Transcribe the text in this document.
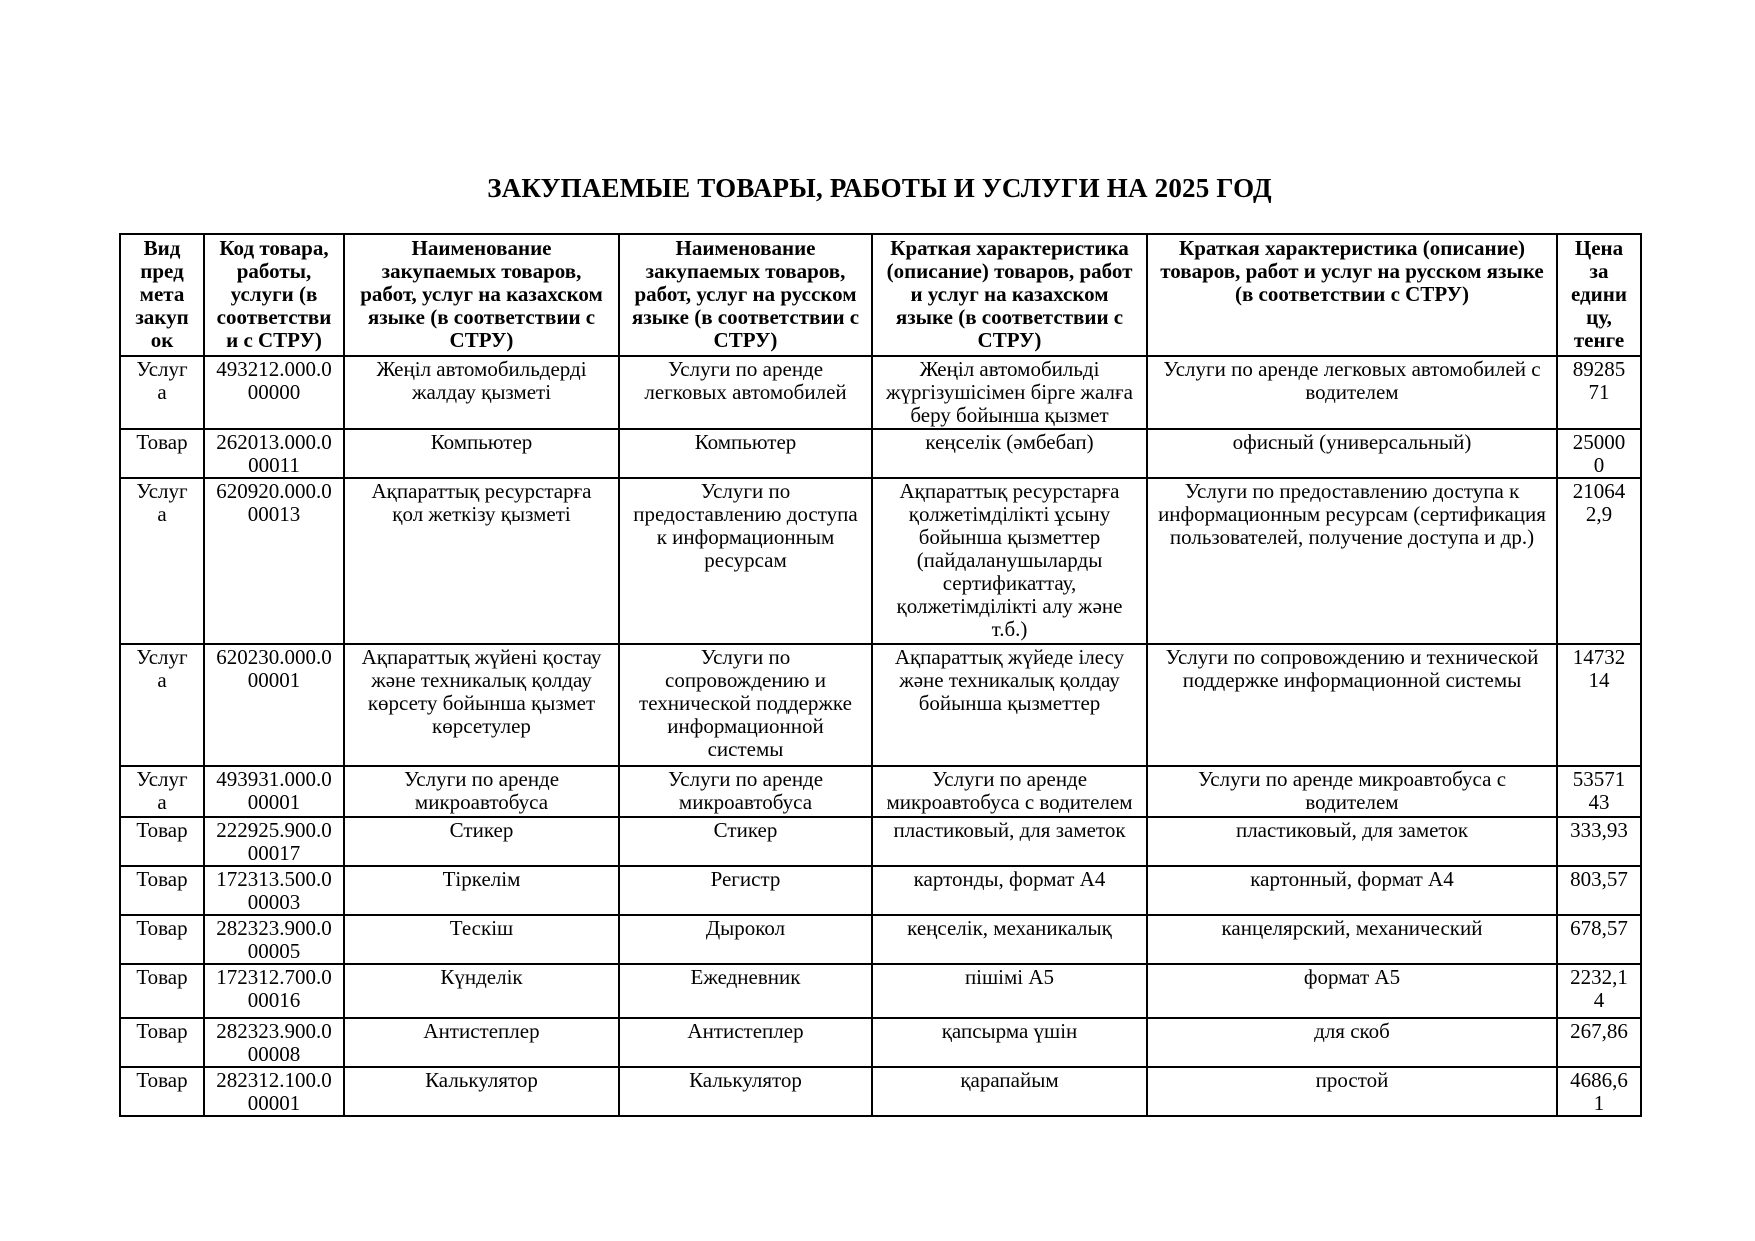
ЗАКУПАЕМЫЕ ТОВАРЫ, РАБОТЫ И УСЛУГИ НА 2025 ГОД
Вид предмета закупок	Код товара, работы, услуги (в соответствии с СТРУ)	Наименование закупаемых товаров, работ, услуг на казахском языке (в соответствии с СТРУ)	Наименование закупаемых товаров, работ, услуг на русском языке (в соответствии с СТРУ)	Краткая характеристика (описание) товаров, работ и услуг на казахском языке (в соответствии с СТРУ)	Краткая характеристика (описание) товаров, работ и услуг на русском языке (в соответствии с СТРУ)	Цена за единицу, тенге
Услуга	493212.000.000000	Жеңіл автомобильдерді жалдау қызметі	Услуги по аренде легковых автомобилей	Жеңіл автомобильді жүргізушісімен бірге жалға беру бойынша қызмет	Услуги по аренде легковых автомобилей с водителем	8928571
Товар	262013.000.000011	Компьютер	Компьютер	кеңселік (әмбебап)	офисный (универсальный)	250000
Услуга	620920.000.000013	Ақпараттық ресурстарға қол жеткізу қызметі	Услуги по предоставлению доступа к информационным ресурсам	Ақпараттық ресурстарға қолжетімділікті ұсыну бойынша қызметтер (пайдаланушыларды сертификаттау, қолжетімділікті алу және т.б.)	Услуги по предоставлению доступа к информационным ресурсам (сертификация пользователей, получение доступа и др.)	210642,9
Услуга	620230.000.000001	Ақпараттық жүйені қостау және техникалық қолдау көрсету бойынша қызмет көрсетулер	Услуги по сопровождению и технической поддержке информационной системы	Ақпараттық жүйеде ілесу және техникалық қолдау бойынша қызметтер	Услуги по сопровождению и технической поддержке информационной системы	1473214
Услуга	493931.000.000001	Услуги по аренде микроавтобуса	Услуги по аренде микроавтобуса	Услуги по аренде микроавтобуса с водителем	Услуги по аренде микроавтобуса с водителем	5357143
Товар	222925.900.000017	Стикер	Стикер	пластиковый, для заметок	пластиковый, для заметок	333,93
Товар	172313.500.000003	Тіркелім	Регистр	картонды, формат А4	картонный, формат А4	803,57
Товар	282323.900.000005	Тескіш	Дырокол	кеңселік, механикалық	канцелярский, механический	678,57
Товар	172312.700.000016	Күнделік	Ежедневник	пішімі А5	формат А5	2232,14
Товар	282323.900.000008	Антистеплер	Антистеплер	қапсырма үшін	для скоб	267,86
Товар	282312.100.000001	Калькулятор	Калькулятор	қарапайым	простой	4686,61
